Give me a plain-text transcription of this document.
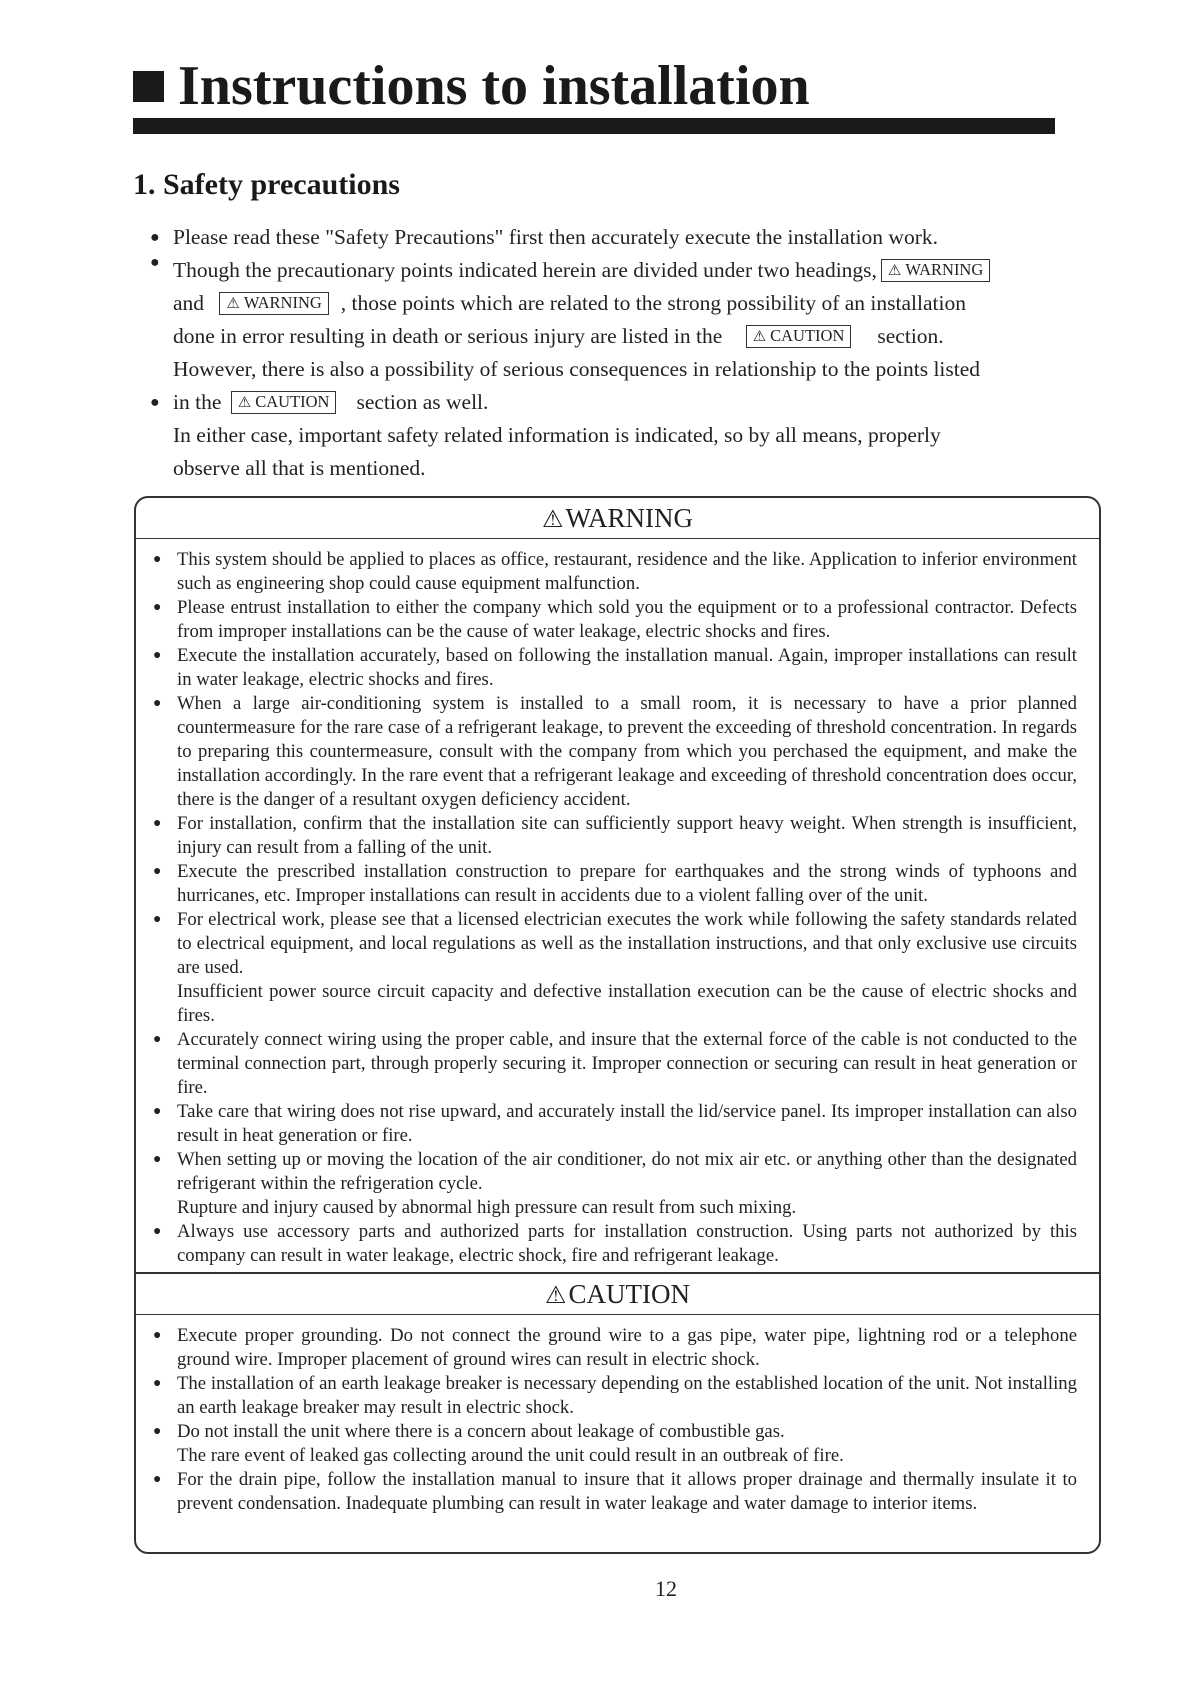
Instructions to installation
1. Safety precautions
● Please read these "Safety Precautions" first then accurately execute the installation work.
● Though the precautionary points indicated herein are divided under two headings, ⚠ WARNING
and ⚠ WARNING , those points which are related to the strong possibility of an installation
done in error resulting in death or serious injury are listed in the ⚠ CAUTION section.
However, there is also a possibility of serious consequences in relationship to the points listed
● in the ⚠ CAUTION section as well.
In either case, important safety related information is indicated, so by all means, properly
observe all that is mentioned.
⚠WARNING
● This system should be applied to places as office, restaurant, residence and the like. Application to inferior environment such as engineering shop could cause equipment malfunction.
● Please entrust installation to either the company which sold you the equipment or to a professional contractor. Defects from improper installations can be the cause of water leakage, electric shocks and fires.
● Execute the installation accurately, based on following the installation manual. Again, improper installations can result in water leakage, electric shocks and fires.
● When a large air-conditioning system is installed to a small room, it is necessary to have a prior planned countermeasure for the rare case of a refrigerant leakage, to prevent the exceeding of threshold concentration. In regards to preparing this countermeasure, consult with the company from which you perchased the equipment, and make the installation accordingly. In the rare event that a refrigerant leakage and exceeding of threshold concentration does occur, there is the danger of a resultant oxygen deficiency accident.
● For installation, confirm that the installation site can sufficiently support heavy weight. When strength is insufficient, injury can result from a falling of the unit.
● Execute the prescribed installation construction to prepare for earthquakes and the strong winds of typhoons and hurricanes, etc. Improper installations can result in accidents due to a violent falling over of the unit.
● For electrical work, please see that a licensed electrician executes the work while following the safety standards related to electrical equipment, and local regulations as well as the installation instructions, and that only exclusive use circuits are used.
Insufficient power source circuit capacity and defective installation execution can be the cause of electric shocks and fires.
● Accurately connect wiring using the proper cable, and insure that the external force of the cable is not conducted to the terminal connection part, through properly securing it. Improper connection or securing can result in heat generation or fire.
● Take care that wiring does not rise upward, and accurately install the lid/service panel. Its improper installation can also result in heat generation or fire.
● When setting up or moving the location of the air conditioner, do not mix air etc. or anything other than the designated refrigerant within the refrigeration cycle.
Rupture and injury caused by abnormal high pressure can result from such mixing.
● Always use accessory parts and authorized parts for installation construction. Using parts not authorized by this company can result in water leakage, electric shock, fire and refrigerant leakage.
⚠CAUTION
● Execute proper grounding. Do not connect the ground wire to a gas pipe, water pipe, lightning rod or a telephone ground wire. Improper placement of ground wires can result in electric shock.
● The installation of an earth leakage breaker is necessary depending on the established location of the unit. Not installing an earth leakage breaker may result in electric shock.
● Do not install the unit where there is a concern about leakage of combustible gas.
The rare event of leaked gas collecting around the unit could result in an outbreak of fire.
● For the drain pipe, follow the installation manual to insure that it allows proper drainage and thermally insulate it to prevent condensation. Inadequate plumbing can result in water leakage and water damage to interior items.
12
